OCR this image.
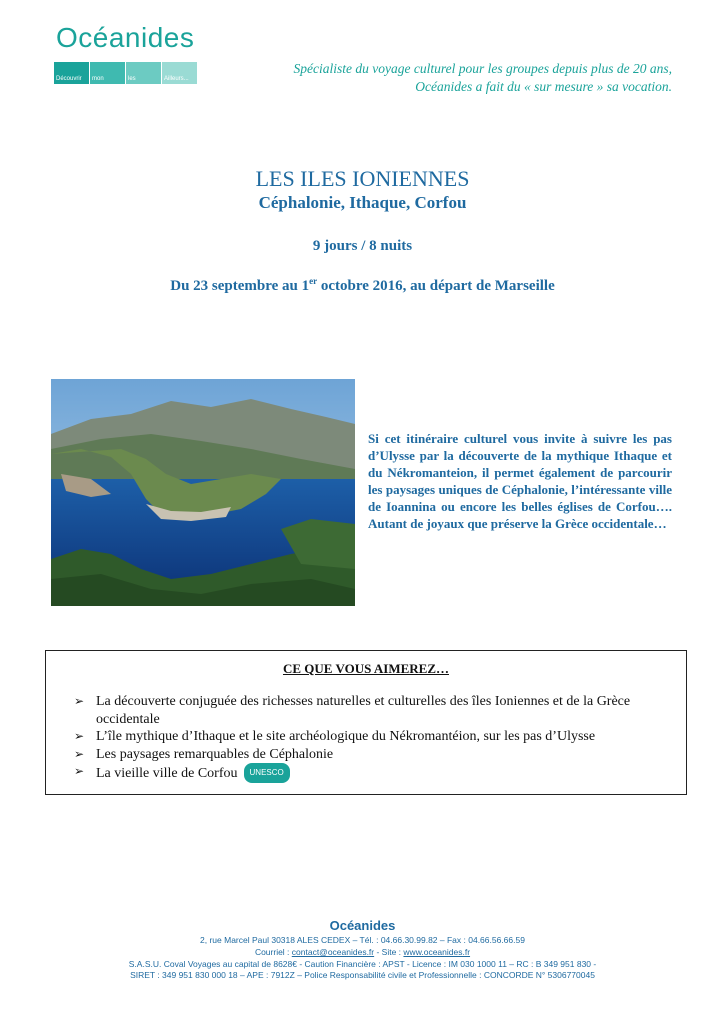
Océanides
Découvrir	mon	les	Ailleurs...
Spécialiste du voyage culturel pour les groupes depuis plus de 20 ans,
Océanides a fait du « sur mesure » sa vocation.
LES ILES IONIENNES
Céphalonie, Ithaque, Corfou
9 jours / 8 nuits
Du 23 septembre au 1er octobre 2016, au départ de Marseille
Si cet itinéraire culturel vous invite à suivre les pas d’Ulysse par la découverte de la mythique Ithaque et du Nékromanteion, il permet également de parcourir les paysages uniques de Céphalonie, l’intéressante ville de Ioannina ou encore les belles églises de Corfou…. Autant de joyaux que préserve la Grèce occidentale…
CE QUE VOUS AIMEREZ…
➢ La découverte conjuguée des richesses naturelles et culturelles des îles Ioniennes et de la Grèce occidentale
➢ L’île mythique d’Ithaque et le site archéologique du Nékromantéion, sur les pas d’Ulysse
➢ Les paysages remarquables de Céphalonie
➢ La vieille ville de Corfou UNESCO
Océanides
2, rue Marcel Paul 30318 ALES CEDEX – Tél. : 04.66.30.99.82 – Fax : 04.66.56.66.59
Courriel : contact@oceanides.fr - Site : www.oceanides.fr
S.A.S.U. Coval Voyages au capital de 8628€ - Caution Financière : APST - Licence : IM 030 1000 11 – RC : B 349 951 830 -
SIRET : 349 951 830 000 18 – APE : 7912Z – Police Responsabilité civile et Professionnelle : CONCORDE N° 5306770045
